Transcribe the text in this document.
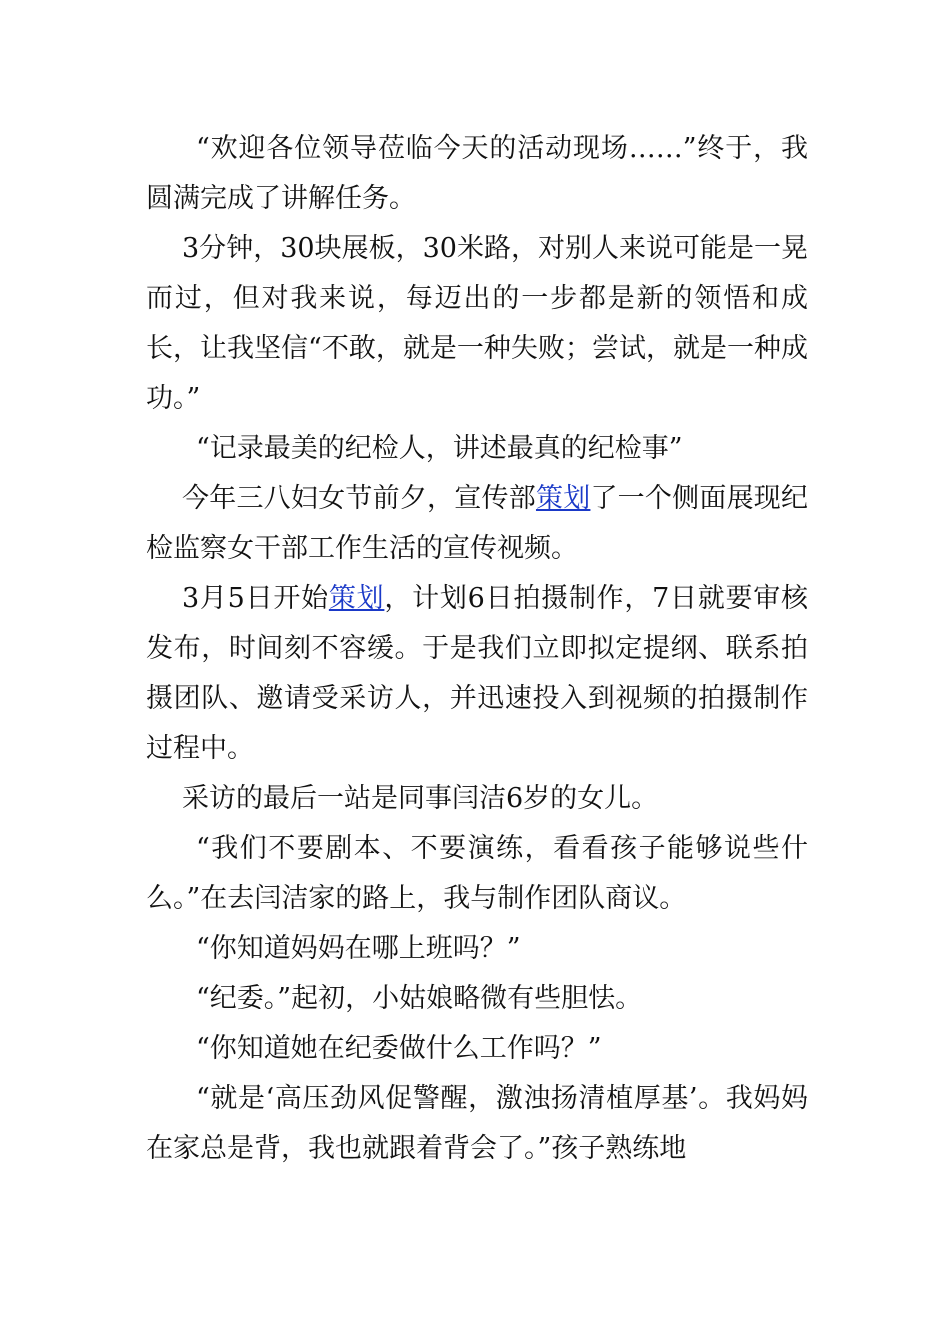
“欢迎各位领导莅临今天的活动现场……”终于，我圆满完成了讲解任务。

3分钟，30块展板，30米路，对别人来说可能是一晃而过，但对我来说，每迈出的一步都是新的领悟和成长，让我坚信“不敢，就是一种失败；尝试，就是一种成功。”

“记录最美的纪检人，讲述最真的纪检事”

今年三八妇女节前夕，宣传部策划了一个侧面展现纪检监察女干部工作生活的宣传视频。

3月5日开始策划，计划6日拍摄制作，7日就要审核发布，时间刻不容缓。于是我们立即拟定提纲、联系拍摄团队、邀请受采访人，并迅速投入到视频的拍摄制作过程中。

采访的最后一站是同事闫洁6岁的女儿。

“我们不要剧本、不要演练，看看孩子能够说些什么。”在去闫洁家的路上，我与制作团队商议。

“你知道妈妈在哪上班吗？”

“纪委。”起初，小姑娘略微有些胆怯。

“你知道她在纪委做什么工作吗？”

“就是‘高压劲风促警醒，激浊扬清植厚基’。我妈妈在家总是背，我也就跟着背会了。”孩子熟练地
